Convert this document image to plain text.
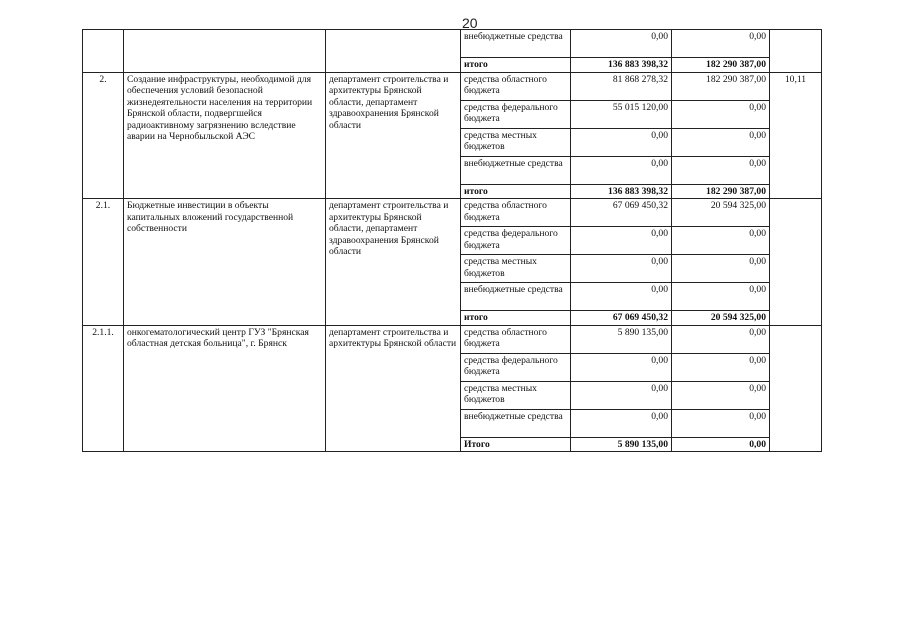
20
			внебюджетные средства	0,00	0,00	
			итого	136 883 398,32	182 290 387,00	
2.	Создание инфраструктуры, необходимой для обеспечения условий безопасной жизнедеятельности населения на территории Брянской области, подвергшейся радиоактивному загрязнению вследствие аварии на Чернобыльской АЭС	департамент строительства и архитектуры Брянской области, департамент здравоохранения Брянской области	средства областного бюджета	81 868 278,32	182 290 387,00	10,11
			средства федерального бюджета	55 015 120,00	0,00	
			средства местных бюджетов	0,00	0,00	
			внебюджетные средства	0,00	0,00	
			итого	136 883 398,32	182 290 387,00	
2.1.	Бюджетные инвестиции в объекты капитальных вложений государственной собственности	департамент строительства и архитектуры Брянской области, департамент здравоохранения Брянской области	средства областного бюджета	67 069 450,32	20 594 325,00	
			средства федерального бюджета	0,00	0,00	
			средства местных бюджетов	0,00	0,00	
			внебюджетные средства	0,00	0,00	
			итого	67 069 450,32	20 594 325,00	
2.1.1.	онкогематологический центр ГУЗ "Брянская областная детская больница", г. Брянск	департамент строительства и архитектуры Брянской области	средства областного бюджета	5 890 135,00	0,00	
			средства федерального бюджета	0,00	0,00	
			средства местных бюджетов	0,00	0,00	
			внебюджетные средства	0,00	0,00	
			Итого	5 890 135,00	0,00	
